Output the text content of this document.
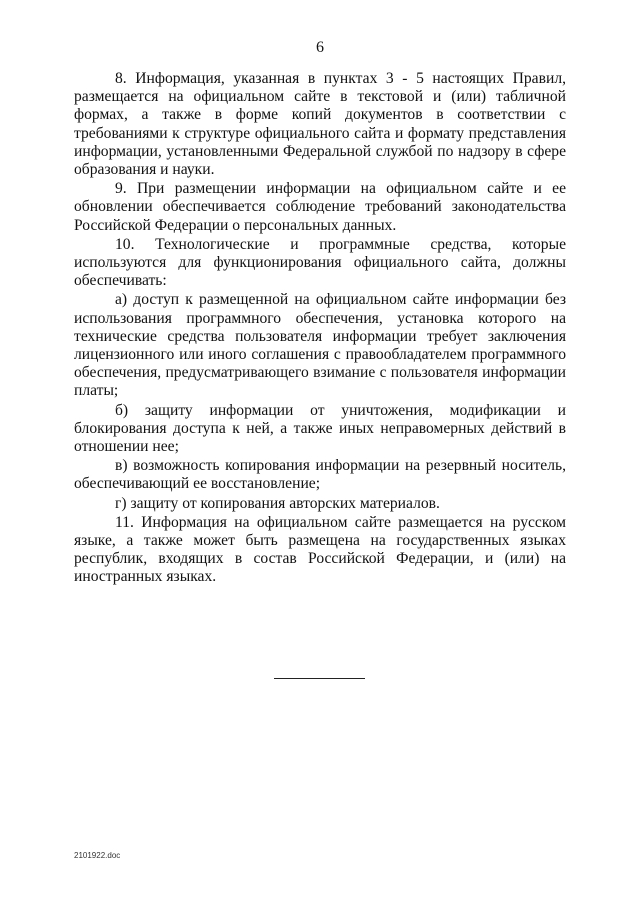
6

8. Информация, указанная в пунктах 3 - 5 настоящих Правил, размещается на официальном сайте в текстовой и (или) табличной формах, а также в форме копий документов в соответствии с требованиями к структуре официального сайта и формату представления информации, установленными Федеральной службой по надзору в сфере образования и науки.

9. При размещении информации на официальном сайте и ее обновлении обеспечивается соблюдение требований законодательства Российской Федерации о персональных данных.

10. Технологические и программные средства, которые используются для функционирования официального сайта, должны обеспечивать:

а) доступ к размещенной на официальном сайте информации без использования программного обеспечения, установка которого на технические средства пользователя информации требует заключения лицензионного или иного соглашения с правообладателем программного обеспечения, предусматривающего взимание с пользователя информации платы;

б) защиту информации от уничтожения, модификации и блокирования доступа к ней, а также иных неправомерных действий в отношении нее;

в) возможность копирования информации на резервный носитель, обеспечивающий ее восстановление;

г) защиту от копирования авторских материалов.

11. Информация на официальном сайте размещается на русском языке, а также может быть размещена на государственных языках республик, входящих в состав Российской Федерации, и (или) на иностранных языках.

2101922.doc
